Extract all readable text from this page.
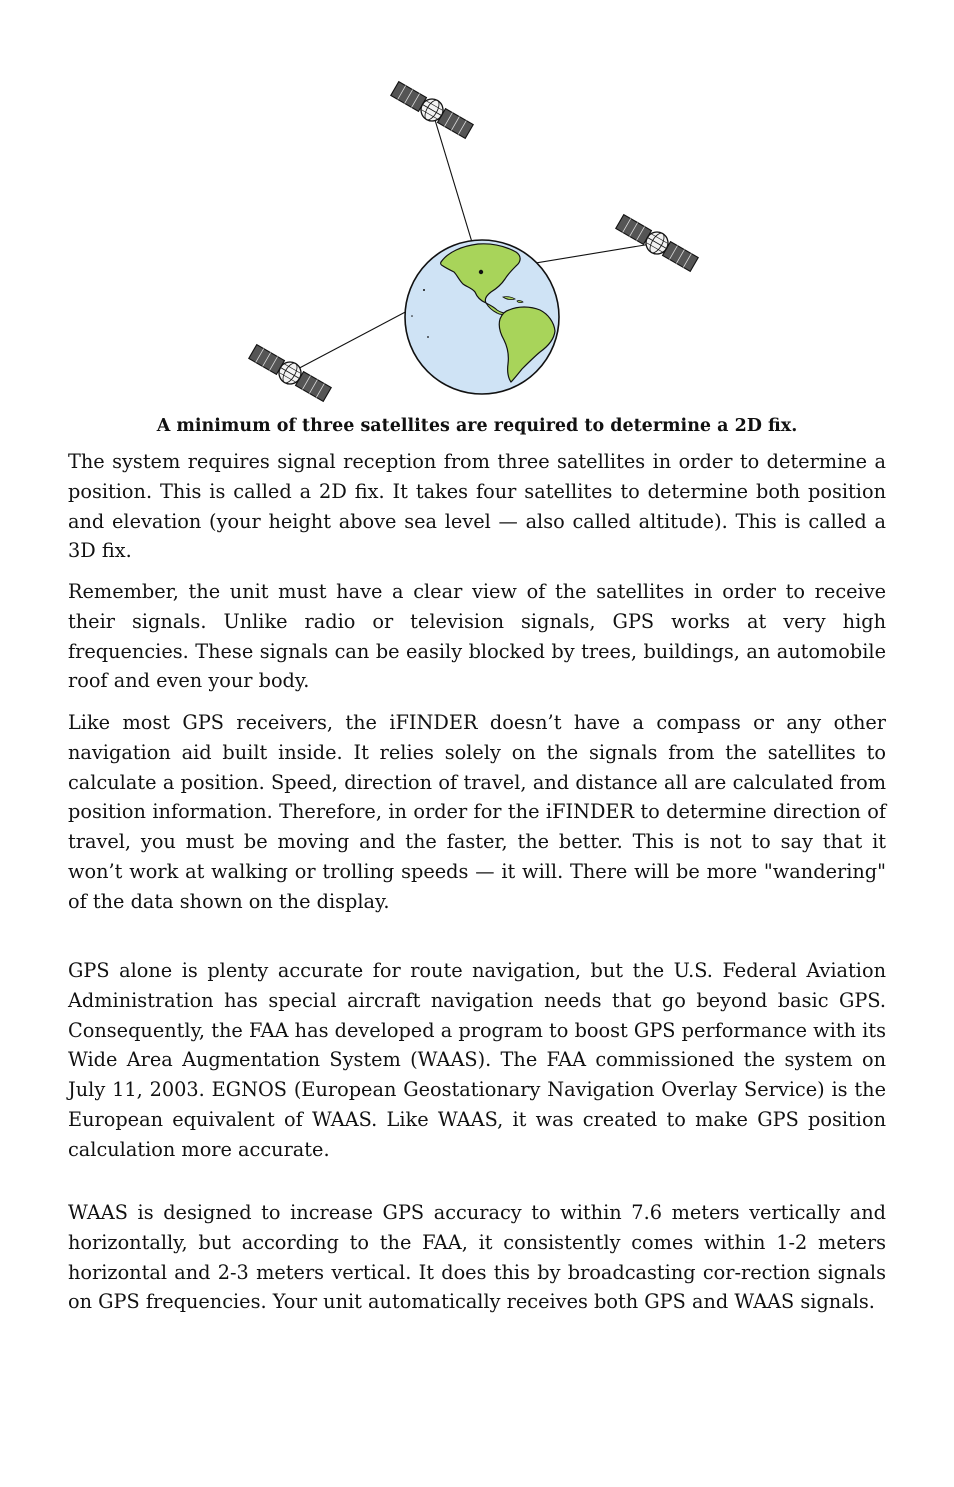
A minimum of three satellites are required to determine a 2D fix.

The system requires signal reception from three satellites in order to determine a position. This is called a 2D fix. It takes four satellites to determine both position and elevation (your height above sea level — also called altitude). This is called a 3D fix.

Remember, the unit must have a clear view of the satellites in order to receive their signals. Unlike radio or television signals, GPS works at very high frequencies. These signals can be easily blocked by trees, buildings, an automobile roof and even your body.

Like most GPS receivers, the iFINDER doesn’t have a compass or any other navigation aid built inside. It relies solely on the signals from the satellites to calculate a position. Speed, direction of travel, and distance all are calculated from position information. Therefore, in order for the iFINDER to determine direction of travel, you must be moving and the faster, the better. This is not to say that it won’t work at walking or trolling speeds — it will. There will be more "wandering" of the data shown on the display.

GPS alone is plenty accurate for route navigation, but the U.S. Federal Aviation Administration has special aircraft navigation needs that go beyond basic GPS. Consequently, the FAA has developed a program to boost GPS performance with its Wide Area Augmentation System (WAAS). The FAA commissioned the system on July 11, 2003. EGNOS (European Geostationary Navigation Overlay Service) is the European equivalent of WAAS. Like WAAS, it was created to make GPS position calculation more accurate.

WAAS is designed to increase GPS accuracy to within 7.6 meters vertically and horizontally, but according to the FAA, it consistently comes within 1-2 meters horizontal and 2-3 meters vertical. It does this by broadcasting cor-rection signals on GPS frequencies. Your unit automatically receives both GPS and WAAS signals.
